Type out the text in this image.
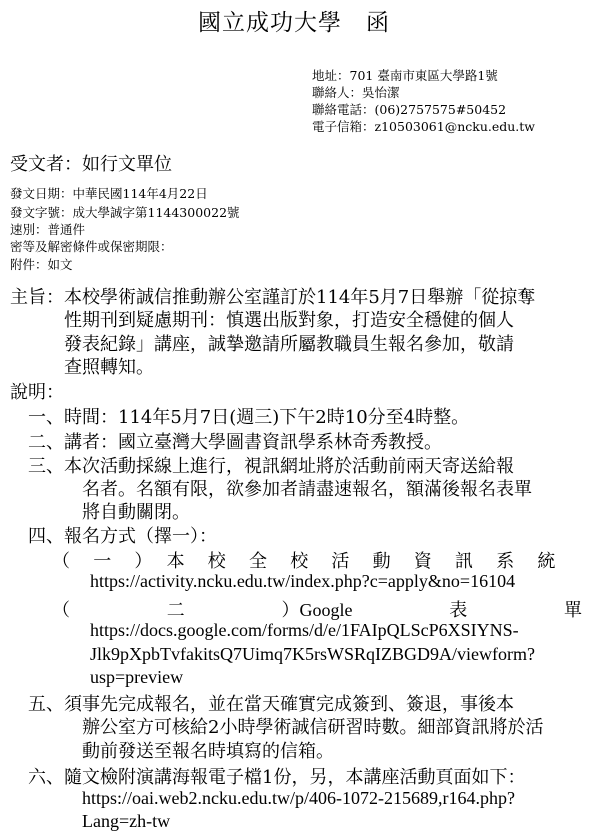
國立成功大學　函
地址：701 臺南市東區大學路1號
聯絡人：吳怡潔
聯絡電話：(06)2757575#50452
電子信箱：z10503061@ncku.edu.tw
受文者：如行文單位
發文日期：中華民國114年4月22日
發文字號：成大學誠字第1144300022號
速別：普通件
密等及解密條件或保密期限：
附件：如文
主旨： 本校學術誠信推動辦公室謹訂於114年5月7日舉辦「從掠奪
性期刊到疑慮期刊：慎選出版對象，打造安全穩健的個人
發表紀錄」講座，誠摯邀請所屬教職員生報名參加，敬請
查照轉知。
說明：
一、時間：114年5月7日(週三)下午2時10分至4時整。
二、講者：國立臺灣大學圖書資訊學系林奇秀教授。
三、本次活動採線上進行，視訊網址將於活動前兩天寄送給報
名者。名額有限，欲參加者請盡速報名，額滿後報名表單
將自動關閉。
四、報名方式（擇一）：
（　一　）　本　校　全　校　活　動　資　訊　系　統
https://activity.ncku.edu.tw/index.php?c=apply&no=16104
（	二	）Google	表	單
https://docs.google.com/forms/d/e/1FAIpQLScP6XSIYNS-
Jlk9pXpbTvfakitsQ7Uimq7K5rsWSRqIZBGD9A/viewform?
usp=preview
五、須事先完成報名，並在當天確實完成簽到、簽退，事後本
辦公室方可核給2小時學術誠信研習時數。細部資訊將於活
動前發送至報名時填寫的信箱。
六、隨文檢附演講海報電子檔1份，另，本講座活動頁面如下：
https://oai.web2.ncku.edu.tw/p/406-1072-215689,r164.php?
Lang=zh-tw
